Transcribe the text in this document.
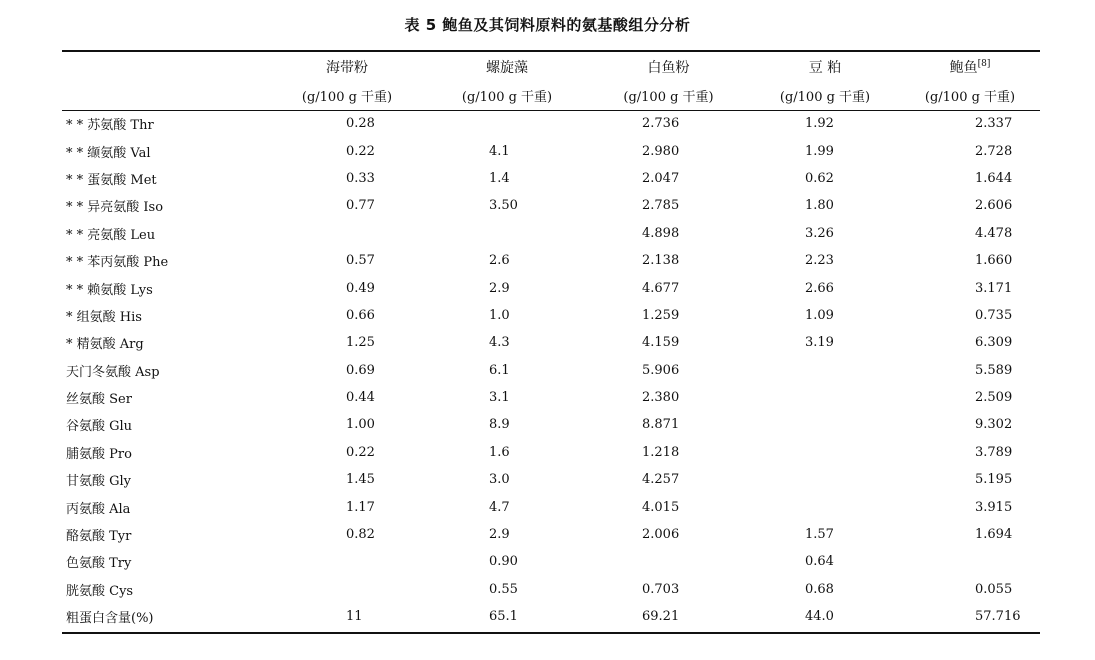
表 5 鲍鱼及其饲料原料的氨基酸组分分析
	海带粉	螺旋藻	白鱼粉	豆 粕	鲍鱼[8]
	(g/100 g 干重)	(g/100 g 干重)	(g/100 g 干重)	(g/100 g 干重)	(g/100 g 干重)
* * 苏氨酸 Thr	0.28		2.736	1.92	2.337
* * 缬氨酸 Val	0.22	4.1	2.980	1.99	2.728
* * 蛋氨酸 Met	0.33	1.4	2.047	0.62	1.644
* * 异亮氨酸 Iso	0.77	3.50	2.785	1.80	2.606
* * 亮氨酸 Leu			4.898	3.26	4.478
* * 苯丙氨酸 Phe	0.57	2.6	2.138	2.23	1.660
* * 赖氨酸 Lys	0.49	2.9	4.677	2.66	3.171
* 组氨酸 His	0.66	1.0	1.259	1.09	0.735
* 精氨酸 Arg	1.25	4.3	4.159	3.19	6.309
天门冬氨酸 Asp	0.69	6.1	5.906		5.589
丝氨酸 Ser	0.44	3.1	2.380		2.509
谷氨酸 Glu	1.00	8.9	8.871		9.302
脯氨酸 Pro	0.22	1.6	1.218		3.789
甘氨酸 Gly	1.45	3.0	4.257		5.195
丙氨酸 Ala	1.17	4.7	4.015		3.915
酪氨酸 Tyr	0.82	2.9	2.006	1.57	1.694
色氨酸 Try		0.90		0.64	
胱氨酸 Cys		0.55	0.703	0.68	0.055
粗蛋白含量(%)	11	65.1	69.21	44.0	57.716
